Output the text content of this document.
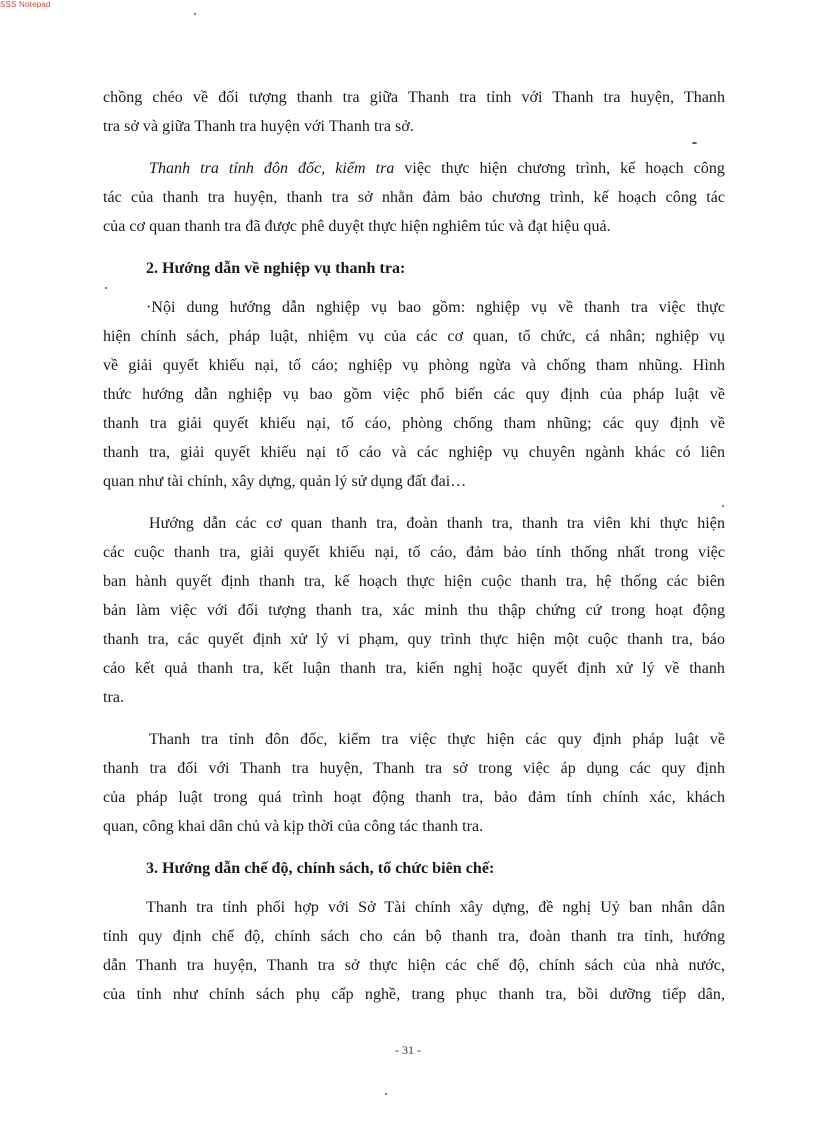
SSS Notepad
chồng chéo về đối tượng thanh tra giữa Thanh tra tỉnh với Thanh tra huyện, Thanh
tra sở và giữa Thanh tra huyện với Thanh tra sở.
Thanh tra tỉnh đôn đốc, kiểm tra việc thực hiện chương trình, kế hoạch công
tác của thanh tra huyện, thanh tra sở nhằn đảm bảo chương trình, kế hoạch công tác
của cơ quan thanh tra đã được phê duyệt thực hiện nghiêm túc và đạt hiệu quả.
2. Hướng dẫn về nghiệp vụ thanh tra:
·Nội dung hướng dẫn nghiệp vụ bao gồm: nghiệp vụ về thanh tra việc thực
hiện chính sách, pháp luật, nhiệm vụ của các cơ quan, tổ chức, cá nhân; nghiệp vụ
về giải quyết khiếu nại, tố cáo; nghiệp vụ phòng ngừa và chống tham nhũng. Hình
thức hướng dẫn nghiệp vụ bao gồm việc phổ biến các quy định của pháp luật về
thanh tra giải quyết khiếu nại, tố cáo, phòng chống tham nhũng; các quy định về
thanh tra, giải quyết khiếu nại tố cáo và các nghiệp vụ chuyên ngành khác có liên
quan như tài chính, xây dựng, quản lý sử dụng đất đai…
Hướng dẫn các cơ quan thanh tra, đoàn thanh tra, thanh tra viên khi thực hiện
các cuộc thanh tra, giải quyết khiếu nại, tố cáo, đảm bảo tính thống nhất trong việc
ban hành quyết định thanh tra, kế hoạch thực hiện cuộc thanh tra, hệ thống các biên
bản làm việc với đối tượng thanh tra, xác minh thu thập chứng cứ trong hoạt động
thanh tra, các quyết định xử lý vi phạm, quy trình thực hiện một cuộc thanh tra, báo
cáo kết quả thanh tra, kết luận thanh tra, kiến nghị hoặc quyết định xử lý về thanh
tra.
Thanh tra tỉnh đôn đốc, kiểm tra việc thực hiện các quy định pháp luật về
thanh tra đối với Thanh tra huyện, Thanh tra sở trong việc áp dụng các quy định
của pháp luật trong quá trình hoạt động thanh tra, bảo đảm tính chính xác, khách
quan, công khai dân chủ và kịp thời của công tác thanh tra.
3. Hướng dẫn chế độ, chính sách, tổ chức biên chế:
Thanh tra tỉnh phối hợp với Sở Tài chính xây dựng, đề nghị Uỷ ban nhân dân
tỉnh quy định chế độ, chính sách cho cán bộ thanh tra, đoàn thanh tra tỉnh, hướng
dẫn Thanh tra huyện, Thanh tra sở thực hiện các chế độ, chính sách của nhà nước,
của tỉnh như chính sách phụ cấp nghề, trang phục thanh tra, bồi dưỡng tiếp dân,
- 31 -
